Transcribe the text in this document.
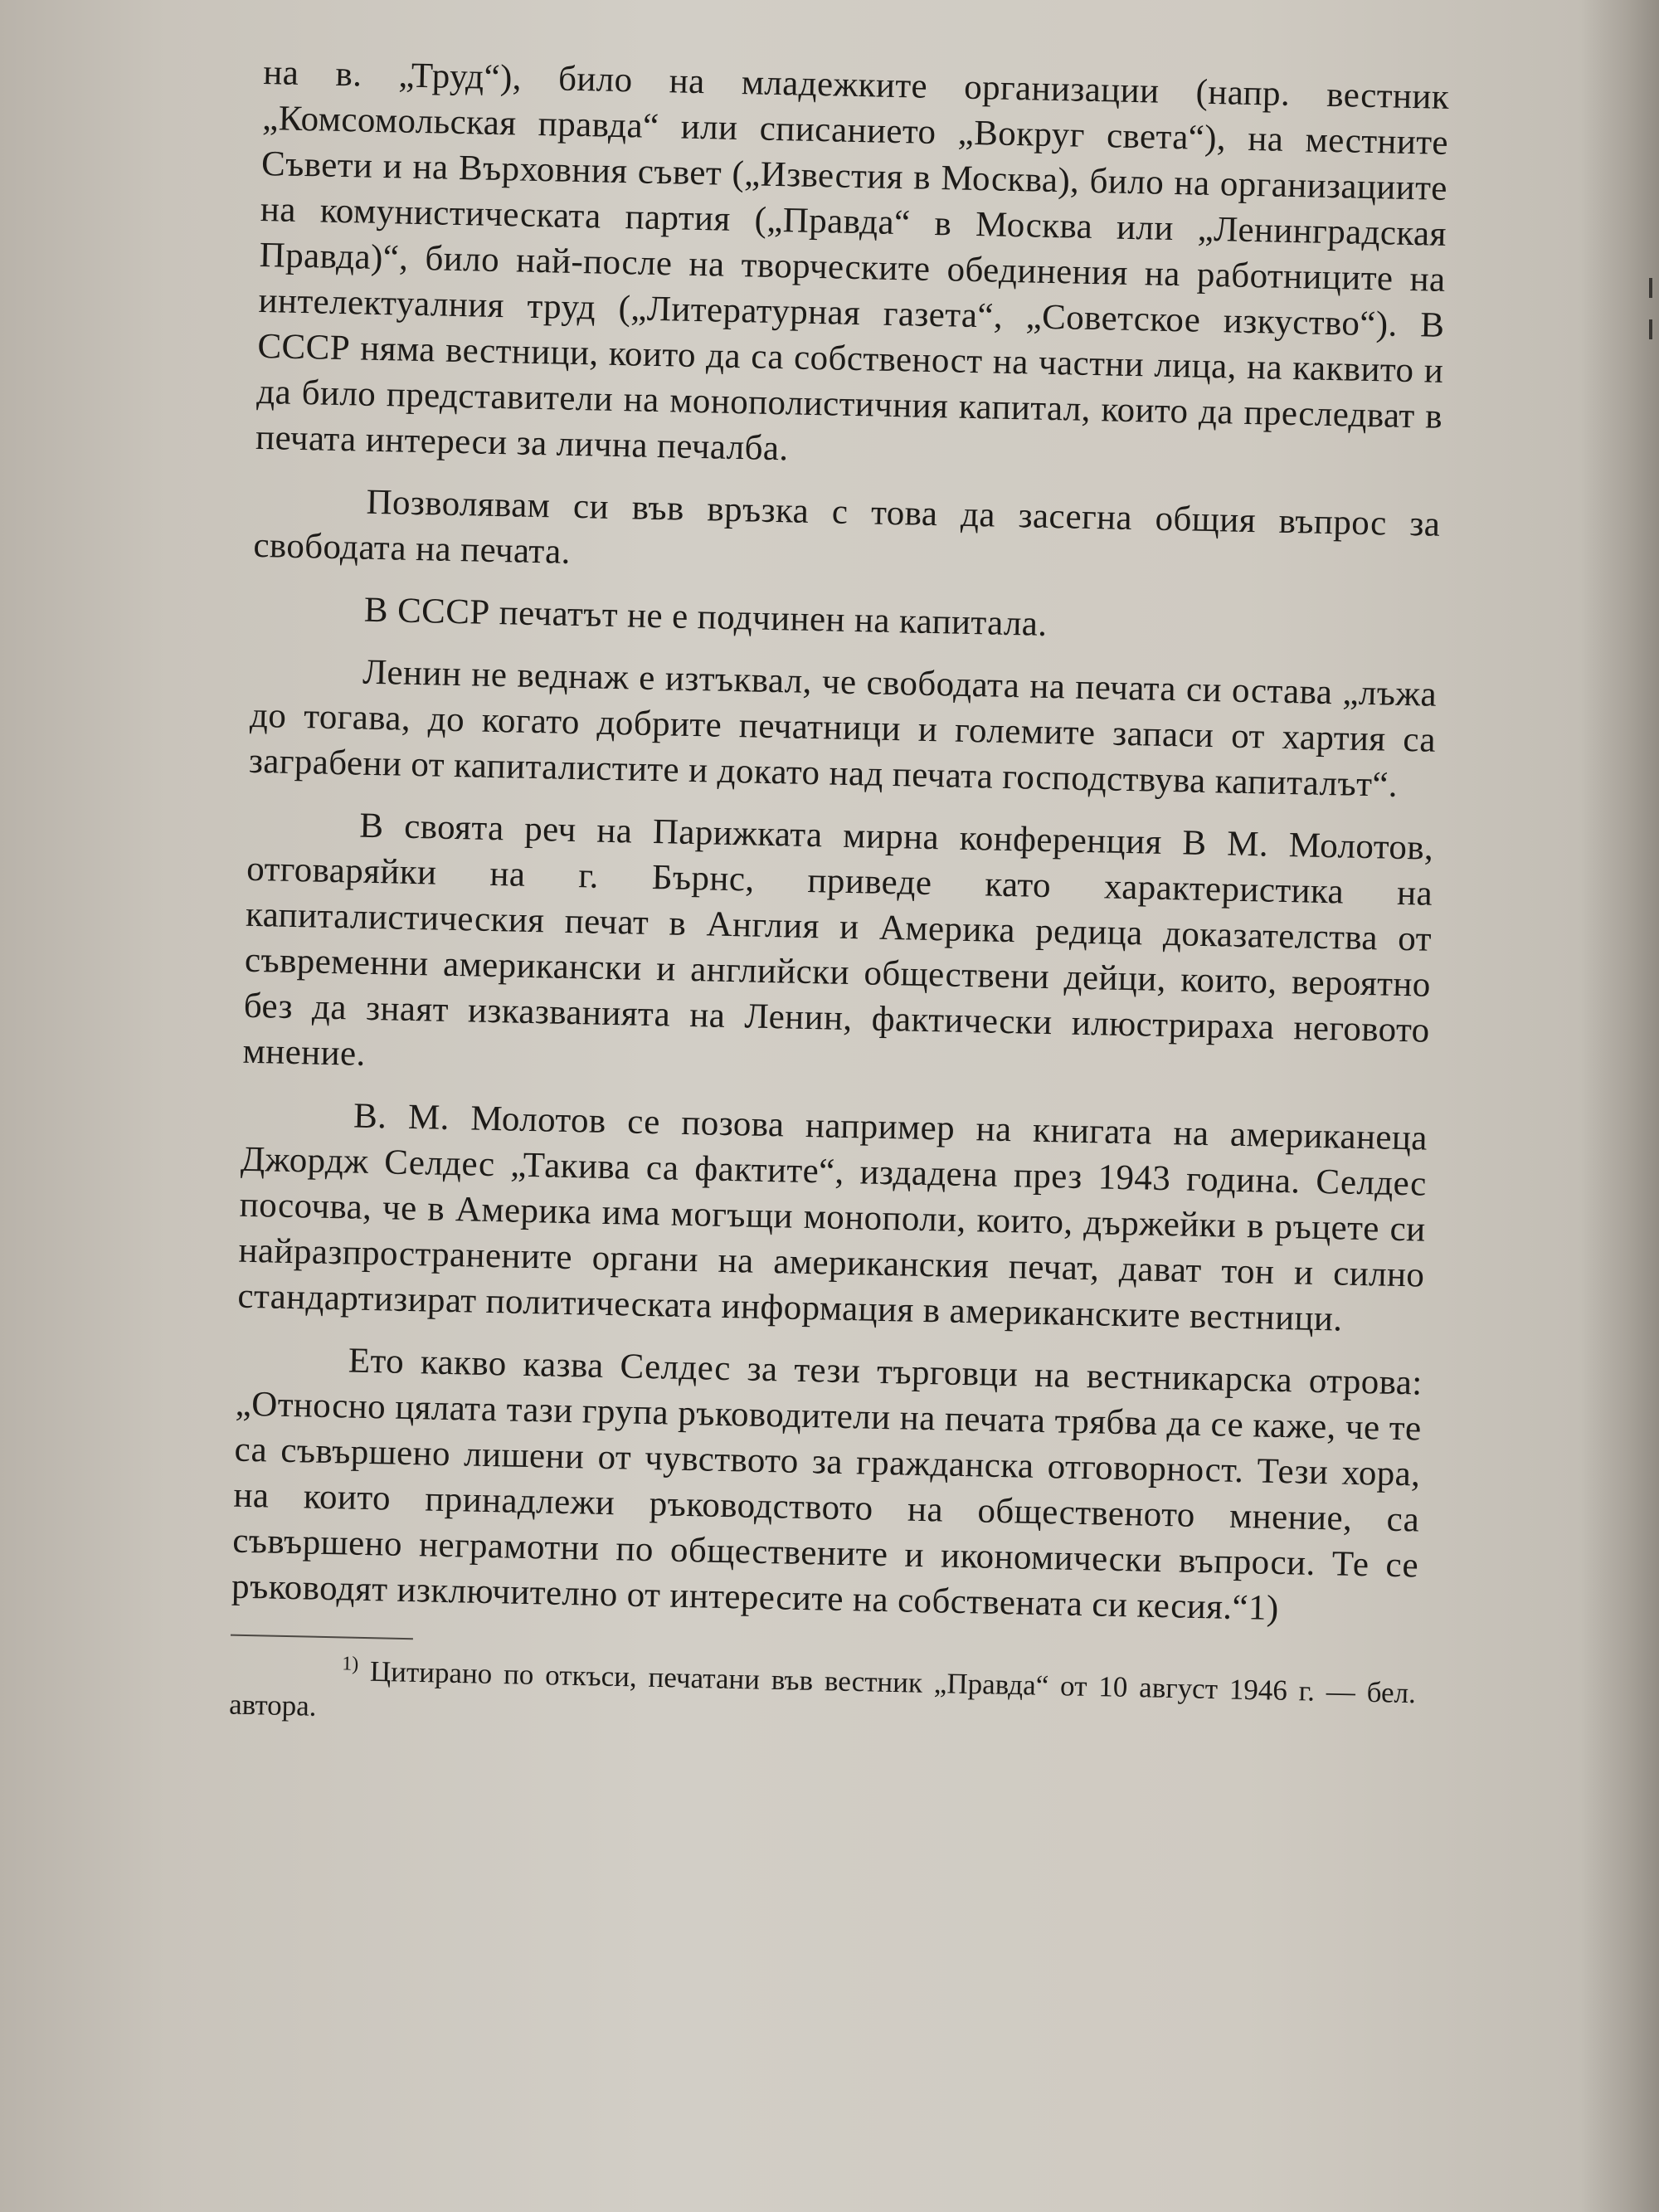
на в. „Труд“), било на младежките организации (напр. вестник „Комсомольская правда“ или списанието „Вокруг света“), на местните Съвети и на Върховния съвет („Известия в Москва), било на организациите на комунистическата партия („Правда“ в Москва или „Ленинградская Правда)“, било най-после на творческите обединения на работниците на интелектуалния труд („Литературная газета“, „Советское изкуство“). В СССР няма вестници, които да са собственост на частни лица, на каквито и да било представители на монополистичния капитал, които да преследват в печата интереси за лична печалба.

Позволявам си във връзка с това да засегна общия въпрос за свободата на печата.

В СССР печатът не е подчинен на капитала.

Ленин не веднаж е изтъквал, че свободата на печата си остава „лъжа до тогава, до когато добрите печатници и големите запаси от хартия са заграбени от капиталистите и докато над печата господствува капиталът“.

В своята реч на Парижката мирна конференция В М. Молотов, отговаряйки на г. Бърнс, приведе като характеристика на капиталистическия печат в Англия и Америка редица доказателства от съвременни американски и английски обществени дейци, които, вероятно без да знаят изказванията на Ленин, фактически илюстрираха неговото мнение.

В. М. Молотов се позова например на книгата на американеца Джордж Селдес „Такива са фактите“, издадена през 1943 година. Селдес посочва, че в Америка има могъщи монополи, които, държейки в ръцете си найразпространените органи на американския печат, дават тон и силно стандартизират политическата информация в американските вестници.

Ето какво казва Селдес за тези търговци на вестникарска отрова: „Относно цялата тази група ръководители на печата трябва да се каже, че те са съвършено лишени от чувството за гражданска отговорност. Тези хора, на които принадлежи ръководството на общественото мнение, са съвършено неграмотни по обществените и икономически въпроси. Те се ръководят изключително от интересите на собствената си кесия.“1)

$^{1)}$ Цитирано по откъси, печатани във вестник „Правда“ от 10 август 1946 г. — бел. автора.
